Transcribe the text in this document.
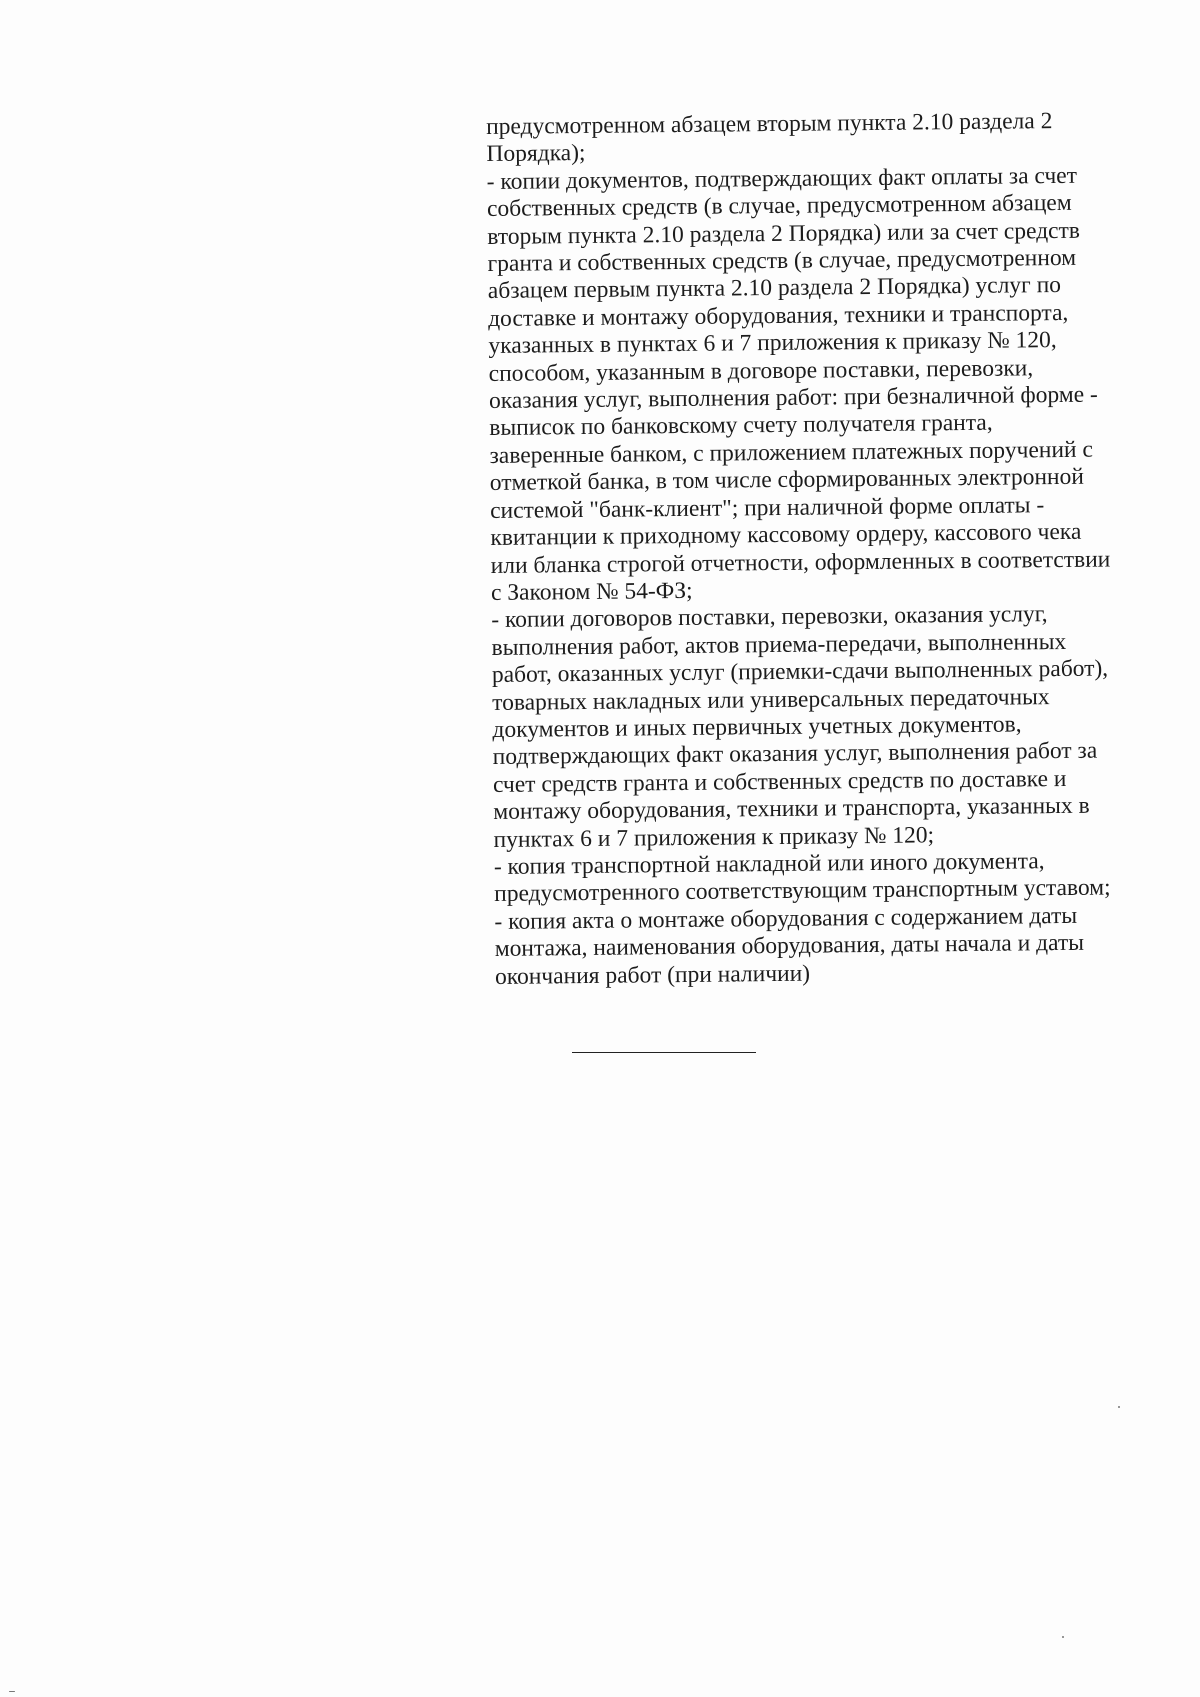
предусмотренном абзацем вторым пункта 2.10 раздела 2
Порядка);
- копии документов, подтверждающих факт оплаты за счет
собственных средств (в случае, предусмотренном абзацем
вторым пункта 2.10 раздела 2 Порядка) или за счет средств
гранта и собственных средств (в случае, предусмотренном
абзацем первым пункта 2.10 раздела 2 Порядка) услуг по
доставке и монтажу оборудования, техники и транспорта,
указанных в пунктах 6 и 7 приложения к приказу № 120,
способом, указанным в договоре поставки, перевозки,
оказания услуг, выполнения работ: при безналичной форме -
выписок по банковскому счету получателя гранта,
заверенные банком, с приложением платежных поручений с
отметкой банка, в том числе сформированных электронной
системой "банк-клиент"; при наличной форме оплаты -
квитанции к приходному кассовому ордеру, кассового чека
или бланка строгой отчетности, оформленных в соответствии
с Законом № 54-ФЗ;
- копии договоров поставки, перевозки, оказания услуг,
выполнения работ, актов приема-передачи, выполненных
работ, оказанных услуг (приемки-сдачи выполненных работ),
товарных накладных или универсальных передаточных
документов и иных первичных учетных документов,
подтверждающих факт оказания услуг, выполнения работ за
счет средств гранта и собственных средств по доставке и
монтажу оборудования, техники и транспорта, указанных в
пунктах 6 и 7 приложения к приказу № 120;
- копия транспортной накладной или иного документа,
предусмотренного соответствующим транспортным уставом;
- копия акта о монтаже оборудования с содержанием даты
монтажа, наименования оборудования, даты начала и даты
окончания работ (при наличии)
